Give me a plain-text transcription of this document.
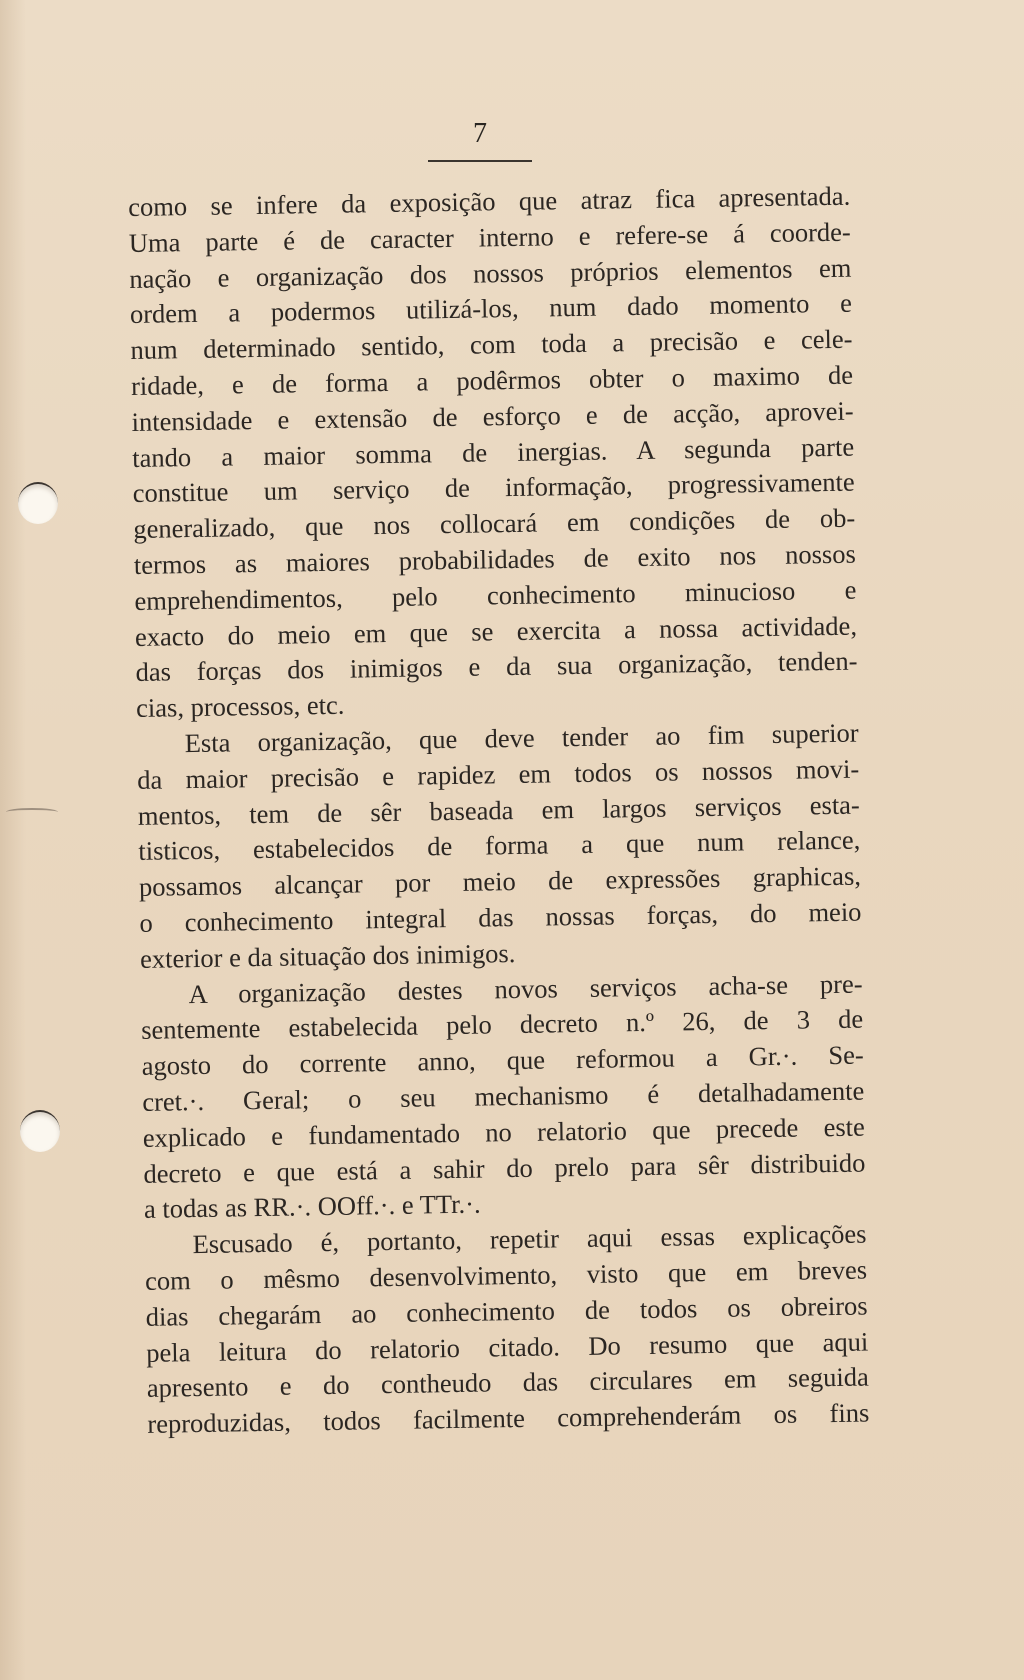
7
como se infere da exposição que atraz fica apresentada.
Uma parte é de caracter interno e refere-se á coorde-
nação e organização dos nossos próprios elementos em
ordem a podermos utilizá-los, num dado momento e
num determinado sentido, com toda a precisão e cele-
ridade, e de forma a podêrmos obter o maximo de
intensidade e extensão de esforço e de acção, aprovei-
tando a maior somma de inergias. A segunda parte
constitue um serviço de informação, progressivamente
generalizado, que nos collocará em condições de ob-
termos as maiores probabilidades de exito nos nossos
emprehendimentos, pelo conhecimento minucioso e
exacto do meio em que se exercita a nossa actividade,
das forças dos inimigos e da sua organização, tenden-
cias, processos, etc.
Esta organização, que deve tender ao fim superior
da maior precisão e rapidez em todos os nossos movi-
mentos, tem de sêr baseada em largos serviços esta-
tisticos, estabelecidos de forma a que num relance,
possamos alcançar por meio de expressões graphicas,
o conhecimento integral das nossas forças, do meio
exterior e da situação dos inimigos.
A organização destes novos serviços acha-se pre-
sentemente estabelecida pelo decreto n.º 26, de 3 de
agosto do corrente anno, que reformou a Gr.·. Se-
cret.·. Geral; o seu mechanismo é detalhadamente
explicado e fundamentado no relatorio que precede este
decreto e que está a sahir do prelo para sêr distribuido
a todas as RR.·. OOff.·. e TTr.·.
Escusado é, portanto, repetir aqui essas explicações
com o mêsmo desenvolvimento, visto que em breves
dias chegarám ao conhecimento de todos os obreiros
pela leitura do relatorio citado. Do resumo que aqui
apresento e do contheudo das circulares em seguida
reproduzidas, todos facilmente comprehenderám os fins
